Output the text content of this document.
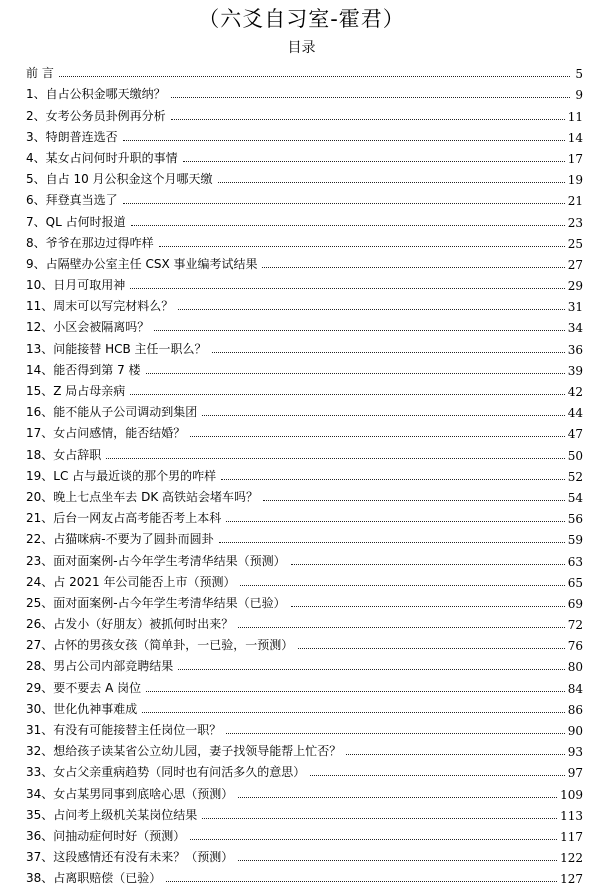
（六爻自习室-霍君）
目录
前 言	5
1、自占公积金哪天缴纳？	9
2、女考公务员卦例再分析	11
3、特朗普连选否	14
4、某女占问何时升职的事情	17
5、自占 10 月公积金这个月哪天缴	19
6、拜登真当选了	21
7、QL 占何时报道	23
8、爷爷在那边过得咋样	25
9、占隔壁办公室主任 CSX 事业编考试结果	27
10、日月可取用神	29
11、周末可以写完材料么？	31
12、小区会被隔离吗？	34
13、问能接替 HCB 主任一职么？	36
14、能否得到第 7 楼	39
15、Z 局占母亲病	42
16、能不能从子公司调动到集团	44
17、女占问感情，能否结婚？	47
18、女占辞职	50
19、LC 占与最近谈的那个男的咋样	52
20、晚上七点坐车去 DK 高铁站会堵车吗？	54
21、后台一网友占高考能否考上本科	56
22、占猫咪病-不要为了圆卦而圆卦	59
23、面对面案例-占今年学生考清华结果（预测）	63
24、占 2021 年公司能否上市（预测）	65
25、面对面案例-占今年学生考清华结果（已验）	69
26、占发小（好朋友）被抓何时出来？	72
27、占怀的男孩女孩（简单卦，一已验，一预测）	76
28、男占公司内部竞聘结果	80
29、要不要去 A 岗位	84
30、世化仇神事难成	86
31、有没有可能接替主任岗位一职？	90
32、想给孩子读某省公立幼儿园，妻子找领导能帮上忙否？	93
33、女占父亲重病趋势（同时也有问活多久的意思）	97
34、女占某男同事到底啥心思（预测）	109
35、占问考上级机关某岗位结果	113
36、问抽动症何时好（预测）	117
37、这段感情还有没有未来？（预测）	122
38、占离职赔偿（已验）	127
